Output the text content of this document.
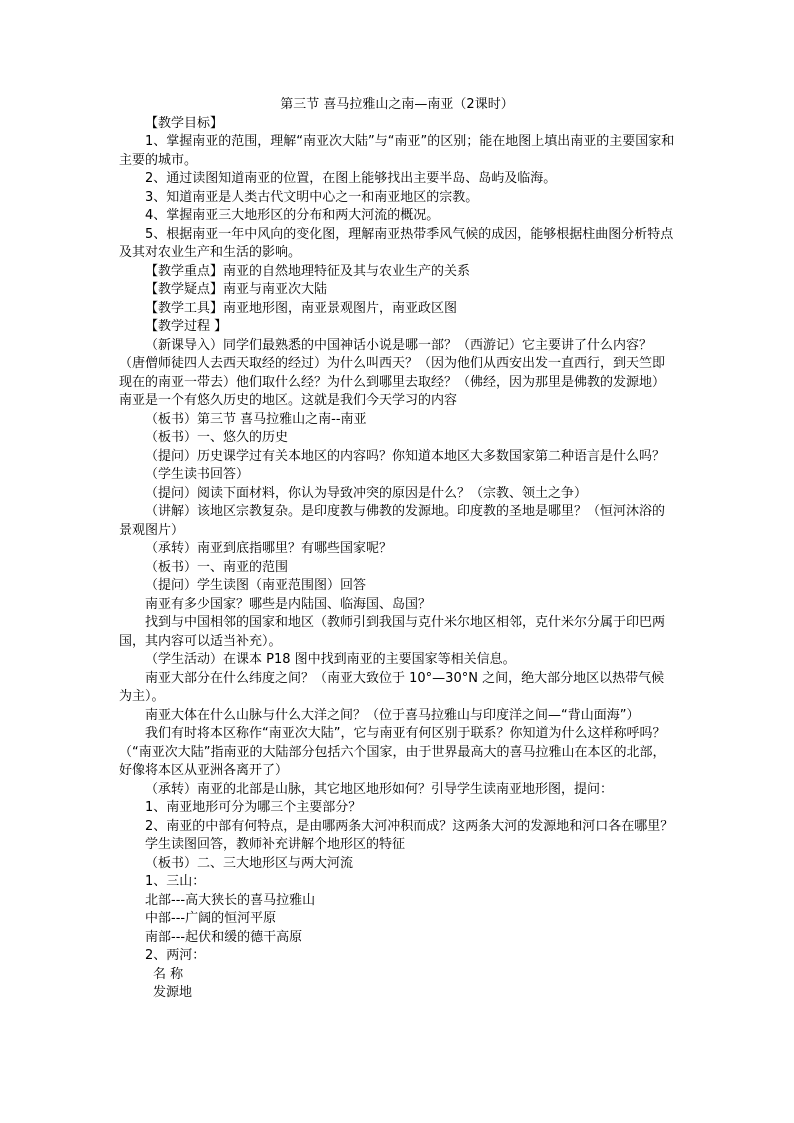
第三节 喜马拉雅山之南—南亚（2课时）

【教学目标】

1、掌握南亚的范围，理解“南亚次大陆”与“南亚”的区别；能在地图上填出南亚的主要国家和主要的城市。

2、通过读图知道南亚的位置，在图上能够找出主要半岛、岛屿及临海。

3、知道南亚是人类古代文明中心之一和南亚地区的宗教。

4、掌握南亚三大地形区的分布和两大河流的概况。

5、根据南亚一年中风向的变化图，理解南亚热带季风气候的成因，能够根据柱曲图分析特点及其对农业生产和生活的影响。

【教学重点】南亚的自然地理特征及其与农业生产的关系

【教学疑点】南亚与南亚次大陆

【教学工具】南亚地形图，南亚景观图片，南亚政区图

【教学过程 】

（新课导入）同学们最熟悉的中国神话小说是哪一部？（西游记）它主要讲了什么内容？（唐僧师徒四人去西天取经的经过）为什么叫西天？（因为他们从西安出发一直西行，到天竺即现在的南亚一带去）他们取什么经？为什么到哪里去取经？（佛经，因为那里是佛教的发源地）南亚是一个有悠久历史的地区。这就是我们今天学习的内容

（板书）第三节 喜马拉雅山之南--南亚

（板书）一、悠久的历史

（提问）历史课学过有关本地区的内容吗？你知道本地区大多数国家第二种语言是什么吗？

（学生读书回答）

（提问）阅读下面材料，你认为导致冲突的原因是什么？（宗教、领土之争）

（讲解）该地区宗教复杂。是印度教与佛教的发源地。印度教的圣地是哪里？（恒河沐浴的景观图片）

（承转）南亚到底指哪里？有哪些国家呢？

（板书）一、南亚的范围

（提问）学生读图（南亚范围图）回答

南亚有多少国家？哪些是内陆国、临海国、岛国？

找到与中国相邻的国家和地区（教师引到我国与克什米尔地区相邻，克什米尔分属于印巴两国，其内容可以适当补充）。

（学生活动）在课本 P18 图中找到南亚的主要国家等相关信息。

南亚大部分在什么纬度之间？（南亚大致位于 10°—30°N 之间，绝大部分地区以热带气候为主）。

南亚大体在什么山脉与什么大洋之间？（位于喜马拉雅山与印度洋之间—“背山面海”）

我们有时将本区称作“南亚次大陆”，它与南亚有何区别于联系？你知道为什么这样称呼吗？（“南亚次大陆”指南亚的大陆部分包括六个国家，由于世界最高大的喜马拉雅山在本区的北部，好像将本区从亚洲各离开了）

（承转）南亚的北部是山脉，其它地区地形如何？引导学生读南亚地形图，提问：

1、南亚地形可分为哪三个主要部分？

2、南亚的中部有何特点，是由哪两条大河冲积而成？这两条大河的发源地和河口各在哪里？

学生读图回答，教师补充讲解个地形区的特征

（板书）二、三大地形区与两大河流

1、三山：

北部---高大狭长的喜马拉雅山

中部---广阔的恒河平原

南部---起伏和缓的德干高原

2、两河：

名 称

发源地
